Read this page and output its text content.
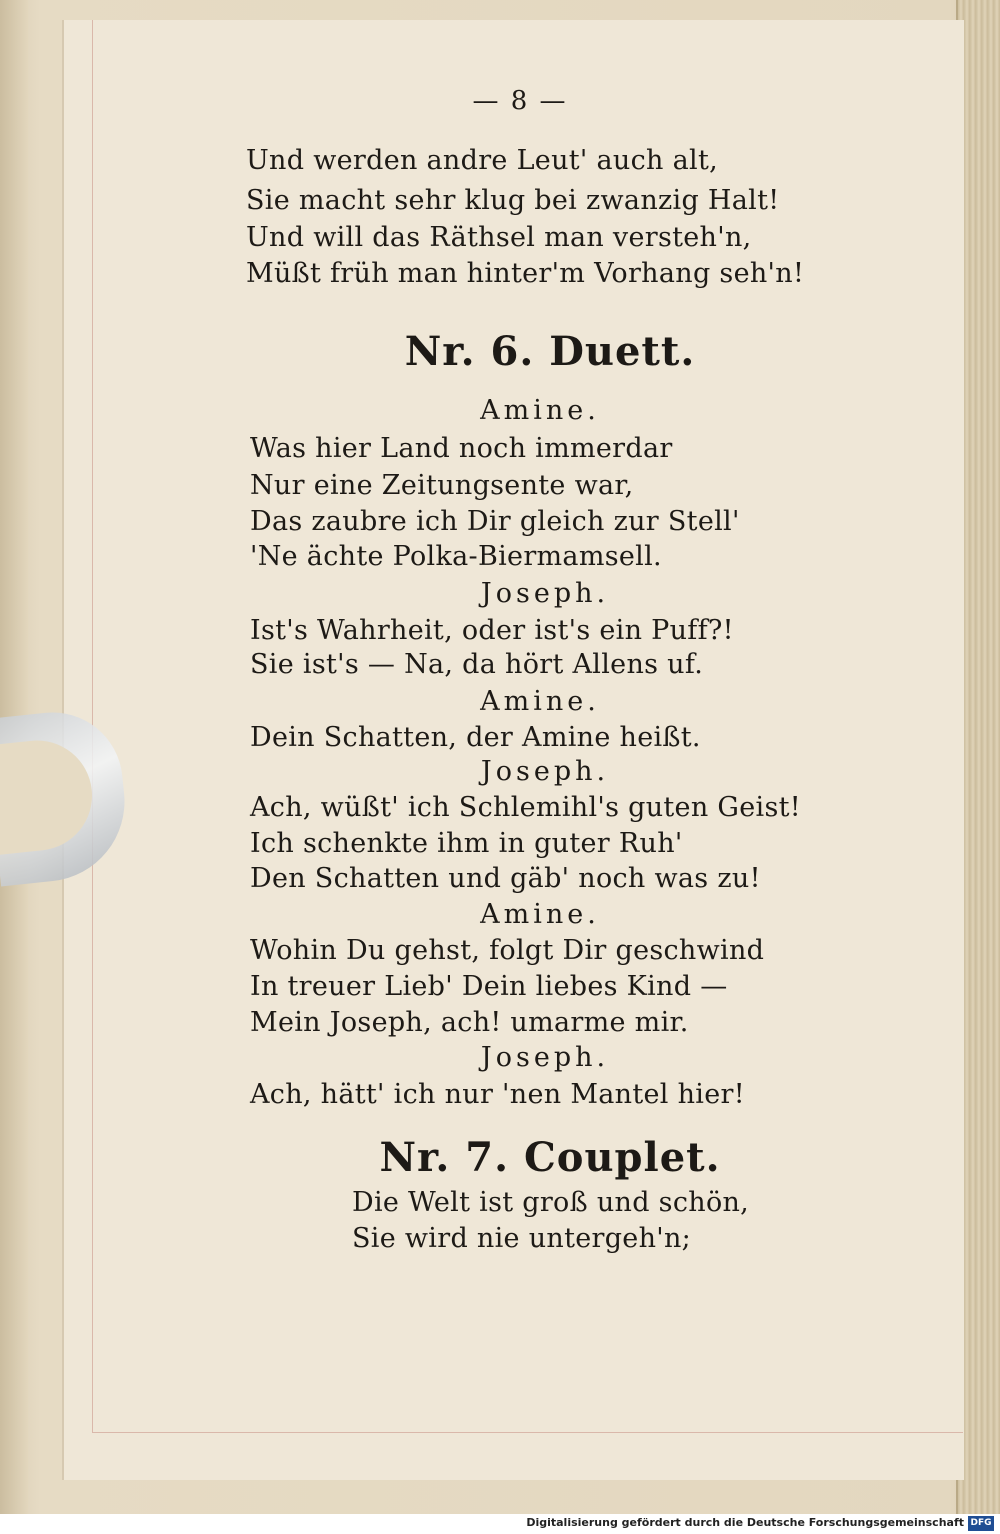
— 8 —
Und werden andre Leut' auch alt,
Sie macht sehr klug bei zwanzig Halt!
Und will das Räthsel man versteh'n,
Müßt früh man hinter'm Vorhang seh'n!
Nr. 6. Duett.
Amine.
Was hier Land noch immerdar
Nur eine Zeitungsente war,
Das zaubre ich Dir gleich zur Stell'
'Ne ächte Polka-Biermamsell.
Joseph.
Ist's Wahrheit, oder ist's ein Puff?!
Sie ist's — Na, da hört Allens uf.
Amine.
Dein Schatten, der Amine heißt.
Joseph.
Ach, wüßt' ich Schlemihl's guten Geist!
Ich schenkte ihm in guter Ruh'
Den Schatten und gäb' noch was zu!
Amine.
Wohin Du gehst, folgt Dir geschwind
In treuer Lieb' Dein liebes Kind —
Mein Joseph, ach! umarme mir.
Joseph.
Ach, hätt' ich nur 'nen Mantel hier!
Nr. 7. Couplet.
Die Welt ist groß und schön,
Sie wird nie untergeh'n;
Digitalisierung gefördert durch die Deutsche Forschungsgemeinschaft DFG
